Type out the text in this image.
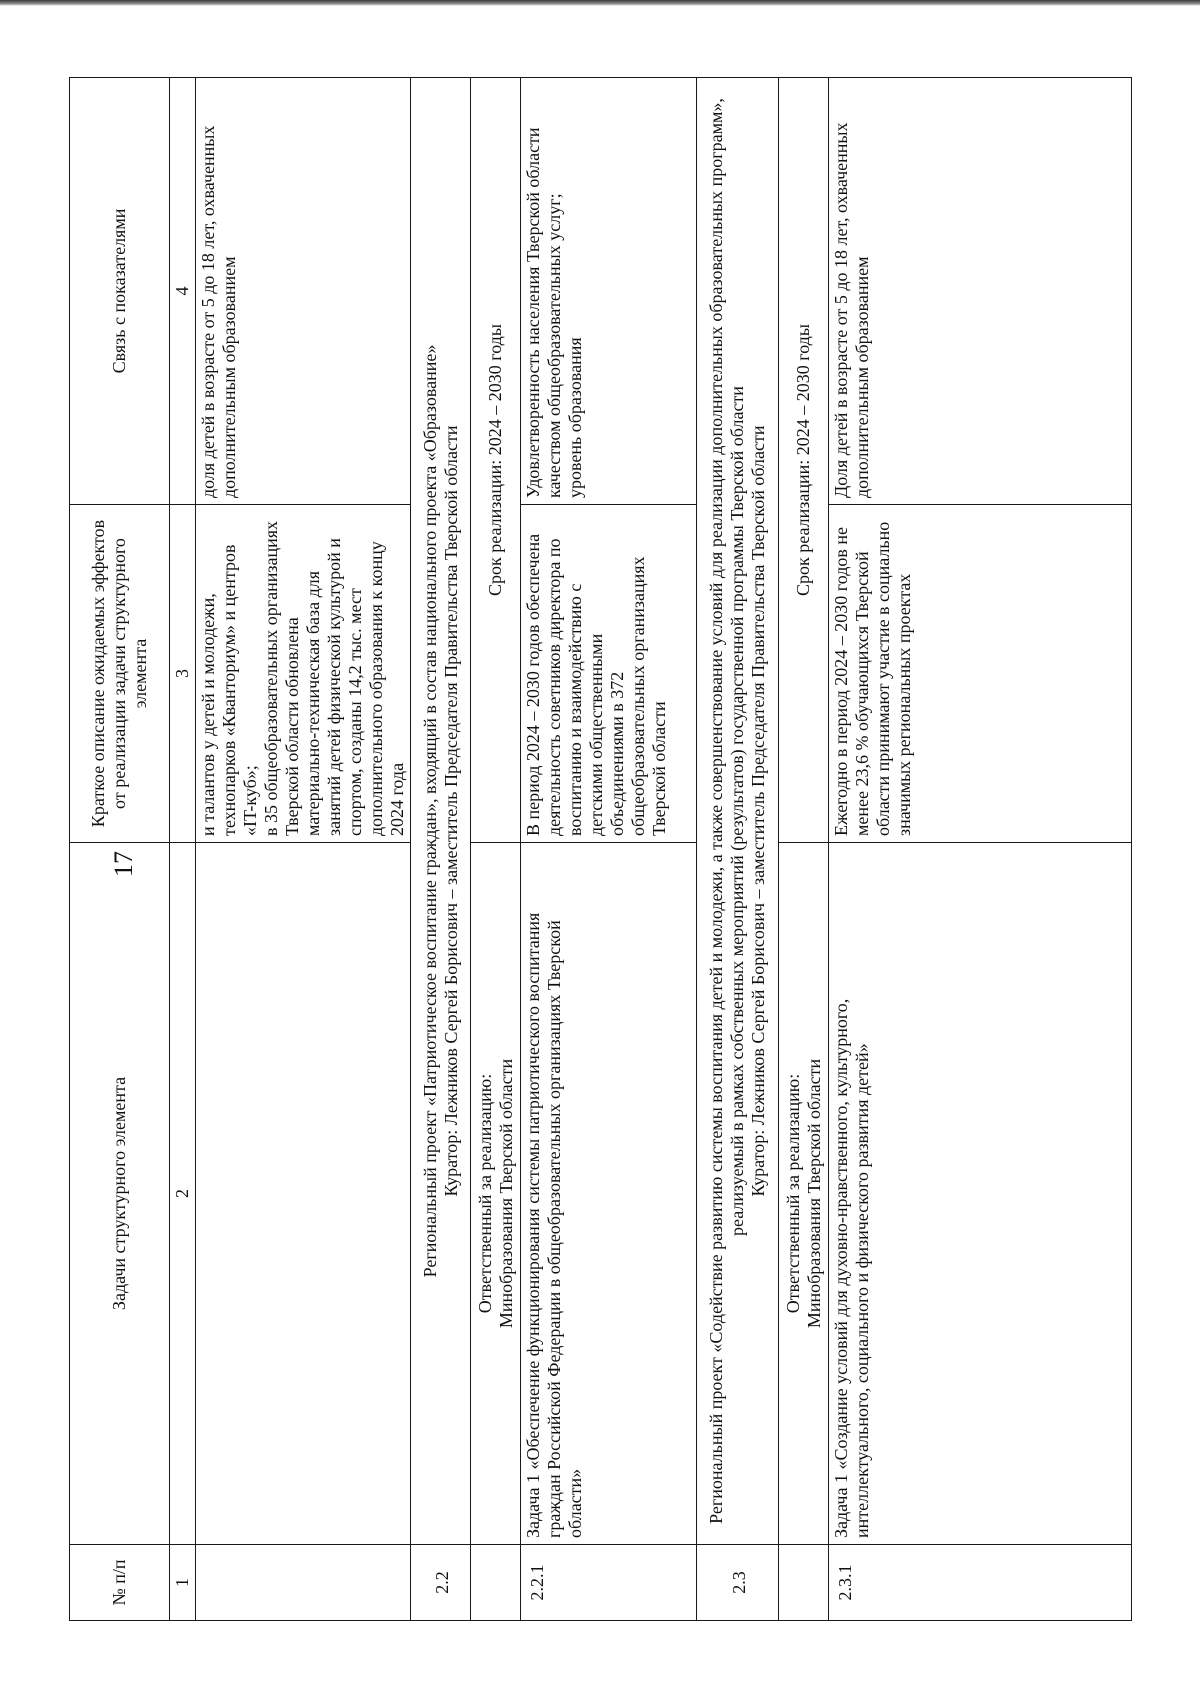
17
№ п/п	Задачи структурного элемента	Краткое описание ожидаемых эффектов от реализации задачи структурного элемента	Связь с показателями
1	2	3	4
		и талантов у детей и молодежи, технопарков «Кванториум» и центров «IT-куб»;
в 35 общеобразовательных организациях Тверской области обновлена материально-техническая база для занятий детей физической культурой и спортом, созданы 14,2 тыс. мест дополнительного образования к концу 2024 года	доля детей в возрасте от 5 до 18 лет, охваченных дополнительным образованием
2.2	Региональный проект «Патриотическое воспитание граждан», входящий в состав национального проекта «Образование»
Куратор: Лежников Сергей Борисович – заместитель Председателя Правительства Тверской области		
	Ответственный за реализацию:
Минобразования Тверской области	Срок реализации: 2024 – 2030 годы	
2.2.1	Задача 1 «Обеспечение функционирования системы патриотического воспитания граждан Российской Федерации в общеобразовательных организациях Тверской области»	В период 2024 – 2030 годов обеспечена деятельность советников директора по воспитанию и взаимодействию с детскими общественными объединениями в 372 общеобразовательных организациях Тверской области	Удовлетворенность населения Тверской области качеством общеобразовательных услуг;
уровень образования
2.3	Региональный проект «Содействие развитию системы воспитания детей и молодежи, а также совершенствование условий для реализации дополнительных образовательных программ», реализуемый в рамках собственных мероприятий (результатов) государственной программы Тверской области
Куратор: Лежников Сергей Борисович – заместитель Председателя Правительства Тверской области		
	Ответственный за реализацию:
Минобразования Тверской области	Срок реализации: 2024 – 2030 годы	
2.3.1	Задача 1 «Создание условий для духовно-нравственного, культурного, интеллектуального, социального и физического развития детей»	Ежегодно в период 2024 – 2030 годов не менее 23,6 % обучающихся Тверской области принимают участие в социально значимых региональных проектах	Доля детей в возрасте от 5 до 18 лет, охваченных дополнительным образованием
